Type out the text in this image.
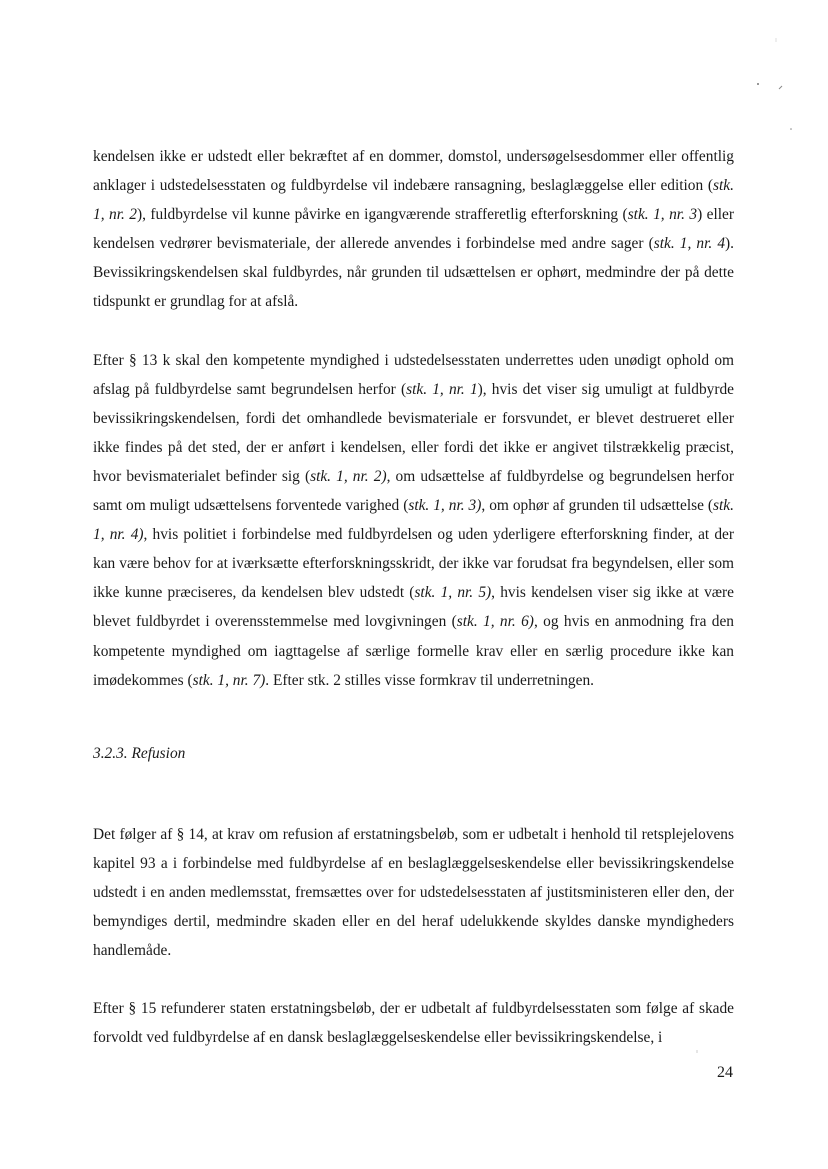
kendelsen ikke er udstedt eller bekræftet af en dommer, domstol, undersøgelsesdommer eller offentlig anklager i udstedelsesstaten og fuldbyrdelse vil indebære ransagning, beslaglæggelse eller edition (stk. 1, nr. 2), fuldbyrdelse vil kunne påvirke en igangværende strafferetlig efterforskning (stk. 1, nr. 3) eller kendelsen vedrører bevismateriale, der allerede anvendes i forbindelse med andre sager (stk. 1, nr. 4). Bevissikringskendelsen skal fuldbyrdes, når grunden til udsættelsen er ophørt, medmindre der på dette tidspunkt er grundlag for at afslå.

Efter § 13 k skal den kompetente myndighed i udstedelsesstaten underrettes uden unødigt ophold om afslag på fuldbyrdelse samt begrundelsen herfor (stk. 1, nr. 1), hvis det viser sig umuligt at fuldbyrde bevissikringskendelsen, fordi det omhandlede bevismateriale er forsvundet, er blevet destrueret eller ikke findes på det sted, der er anført i kendelsen, eller fordi det ikke er angivet tilstrækkelig præcist, hvor bevismaterialet befinder sig (stk. 1, nr. 2), om udsættelse af fuldbyrdelse og begrundelsen herfor samt om muligt udsættelsens forventede varighed (stk. 1, nr. 3), om ophør af grunden til udsættelse (stk. 1, nr. 4), hvis politiet i forbindelse med fuldbyrdelsen og uden yderligere efterforskning finder, at der kan være behov for at iværksætte efterforskningsskridt, der ikke var forudsat fra begyndelsen, eller som ikke kunne præciseres, da kendelsen blev udstedt (stk. 1, nr. 5), hvis kendelsen viser sig ikke at være blevet fuldbyrdet i overensstemmelse med lovgivningen (stk. 1, nr. 6), og hvis en anmodning fra den kompetente myndighed om iagttagelse af særlige formelle krav eller en særlig procedure ikke kan imødekommes (stk. 1, nr. 7). Efter stk. 2 stilles visse formkrav til underretningen.

3.2.3. Refusion

Det følger af § 14, at krav om refusion af erstatningsbeløb, som er udbetalt i henhold til retsplejelovens kapitel 93 a i forbindelse med fuldbyrdelse af en beslaglæggelseskendelse eller bevissikringskendelse udstedt i en anden medlemsstat, fremsættes over for udstedelsesstaten af justitsministeren eller den, der bemyndiges dertil, medmindre skaden eller en del heraf udelukkende skyldes danske myndigheders handlemåde.

Efter § 15 refunderer staten erstatningsbeløb, der er udbetalt af fuldbyrdelsesstaten som følge af skade forvoldt ved fuldbyrdelse af en dansk beslaglæggelseskendelse eller bevissikringskendelse, i

24
